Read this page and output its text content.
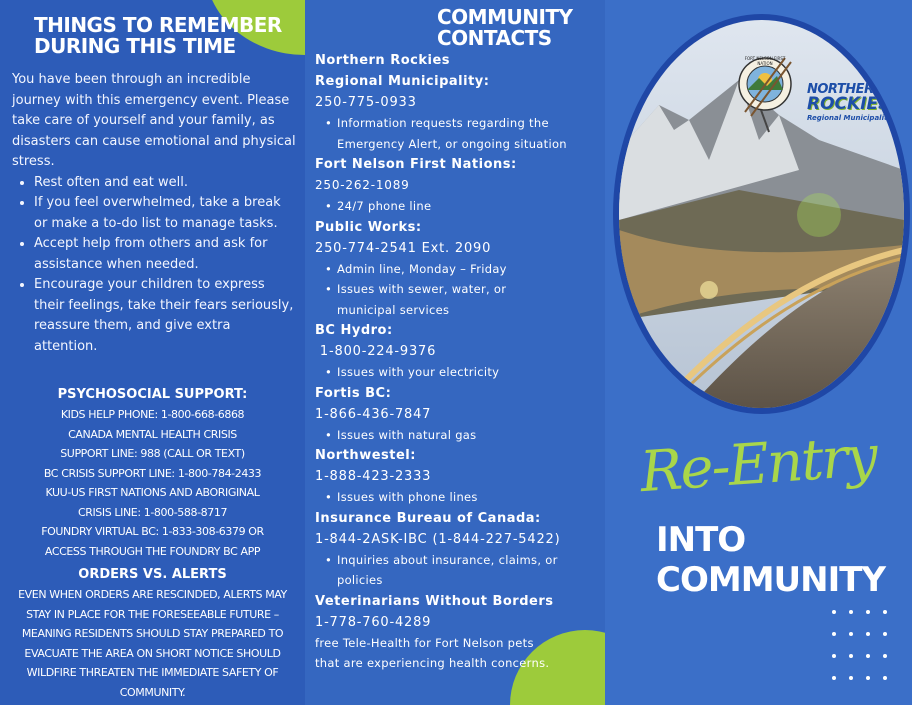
THINGS TO REMEMBER
DURING THIS TIME
You have been through an incredible journey with this emergency event. Please take care of yourself and your family, as disasters can cause emotional and physical stress.
• Rest often and eat well.
• If you feel overwhelmed, take a break or make a to-do list to manage tasks.
• Accept help from others and ask for assistance when needed.
• Encourage your children to express their feelings, take their fears seriously, reassure them, and give extra attention.
PSYCHOSOCIAL SUPPORT:
KIDS HELP PHONE: 1-800-668-6868
CANADA MENTAL HEALTH CRISIS
SUPPORT LINE: 988 (CALL OR TEXT)
BC CRISIS SUPPORT LINE: 1-800-784-2433
KUU-US FIRST NATIONS AND ABORIGINAL
CRISIS LINE: 1-800-588-8717
FOUNDRY VIRTUAL BC: 1-833-308-6379 OR
ACCESS THROUGH THE FOUNDRY BC APP
ORDERS VS. ALERTS
EVEN WHEN ORDERS ARE RESCINDED, ALERTS MAY
STAY IN PLACE FOR THE FORESEEABLE FUTURE –
MEANING RESIDENTS SHOULD STAY PREPARED TO
EVACUATE THE AREA ON SHORT NOTICE SHOULD
WILDFIRE THREATEN THE IMMEDIATE SAFETY OF
COMMUNITY.
COMMUNITY
CONTACTS
Northern Rockies
Regional Municipality:
250-775-0933
• Information requests regarding the
Emergency Alert, or ongoing situation
Fort Nelson First Nations:
250-262-1089
• 24/7 phone line
Public Works:
250-774-2541 Ext. 2090
• Admin line, Monday – Friday
• Issues with sewer, water, or
municipal services
BC Hydro:
1-800-224-9376
• Issues with your electricity
Fortis BC:
1-866-436-7847
• Issues with natural gas
Northwestel:
1-888-423-2333
• Issues with phone lines
Insurance Bureau of Canada:
1-844-2ASK-IBC (1-844-227-5422)
• Inquiries about insurance, claims, or
policies
Veterinarians Without Borders
1-778-760-4289
free Tele-Health for Fort Nelson pets
that are experiencing health concerns.
FORT NELSON FIRST NATION
NORTHERN
ROCKIES
Regional Municipality
Re-Entry
INTO
COMMUNITY
